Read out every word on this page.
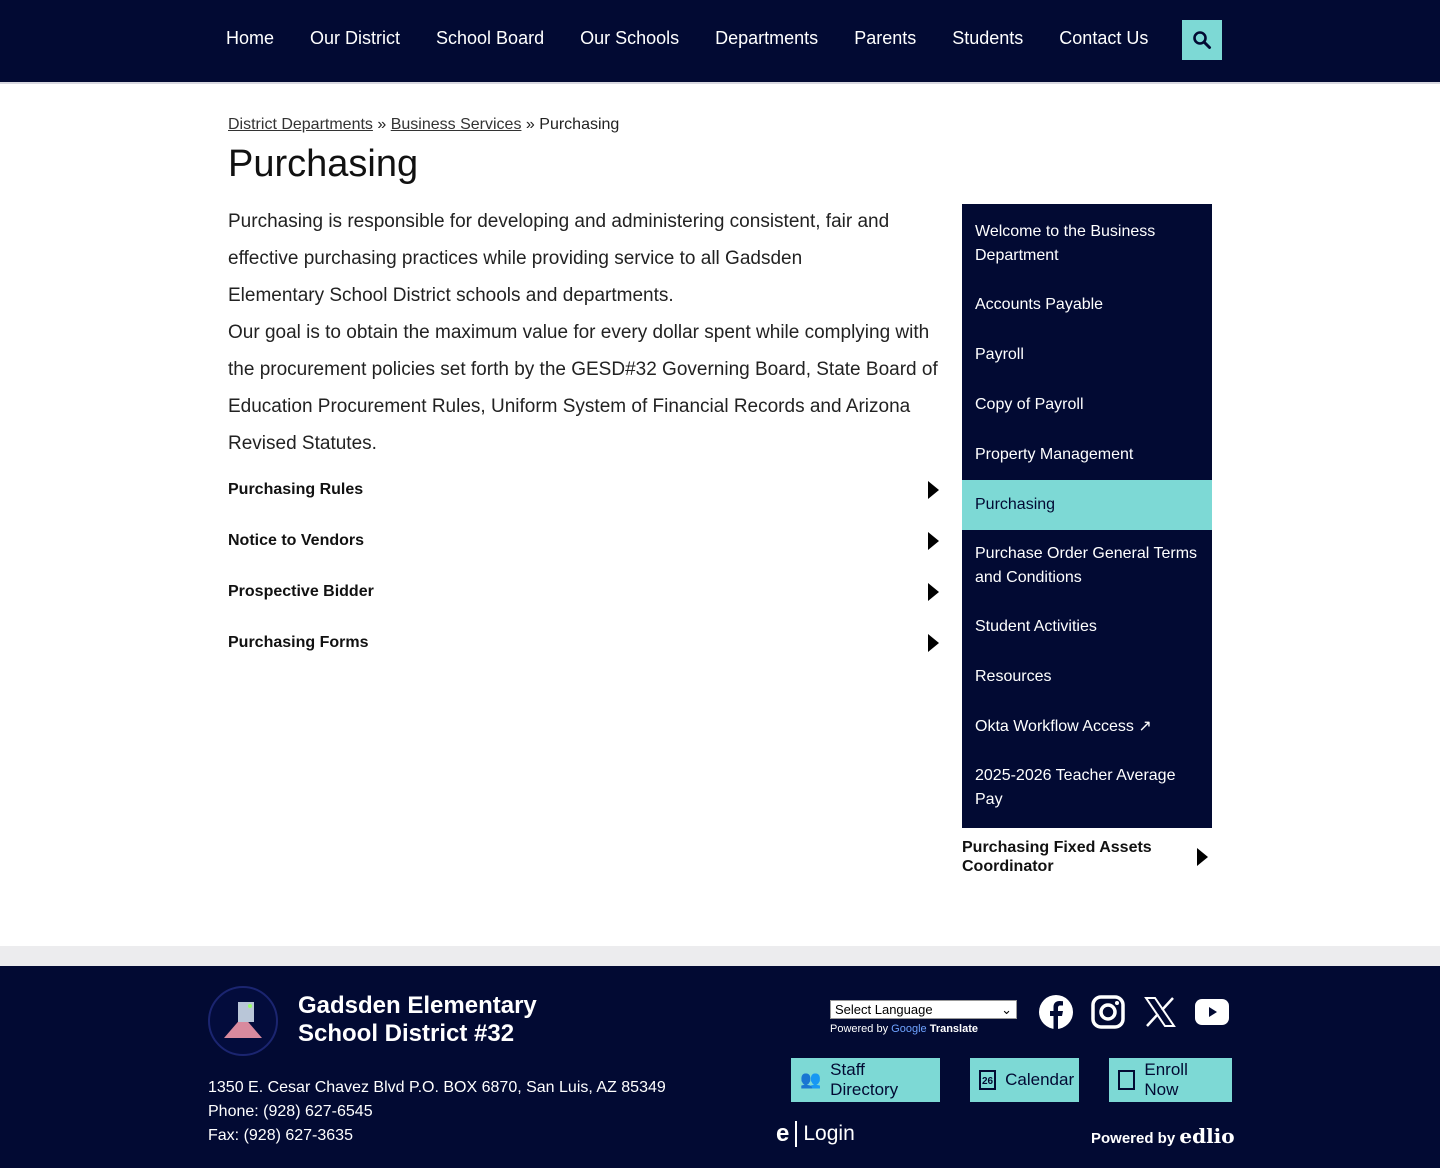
Home	Our District	School Board	Our Schools	Departments	Parents	Students	Contact Us
District Departments » Business Services » Purchasing
Purchasing

Purchasing is responsible for developing and administering consistent, fair and effective purchasing practices while providing service to all Gadsden Elementary School District schools and departments.

Our goal is to obtain the maximum value for every dollar spent while complying with the procurement policies set forth by the GESD#32 Governing Board, State Board of Education Procurement Rules, Uniform System of Financial Records and Arizona Revised Statutes.

Purchasing Rules
Notice to Vendors
Prospective Bidder
Purchasing Forms
Welcome to the Business Department
Accounts Payable
Payroll
Copy of Payroll
Property Management
Purchasing
Purchase Order General Terms and Conditions
Student Activities
Resources
Okta Workflow Access ↗
2025-2026 Teacher Average Pay
Purchasing Fixed Assets Coordinator
Gadsden Elementary
School District #32
1350 E. Cesar Chavez Blvd P.O. BOX 6870, San Luis, AZ 85349
Phone: (928) 627-6545
Fax: (928) 627-3635
Select Language	⌄
Powered by Google Translate
👥
Staff Directory	26 Calendar
Enroll Now
e Login	Powered by edlio
